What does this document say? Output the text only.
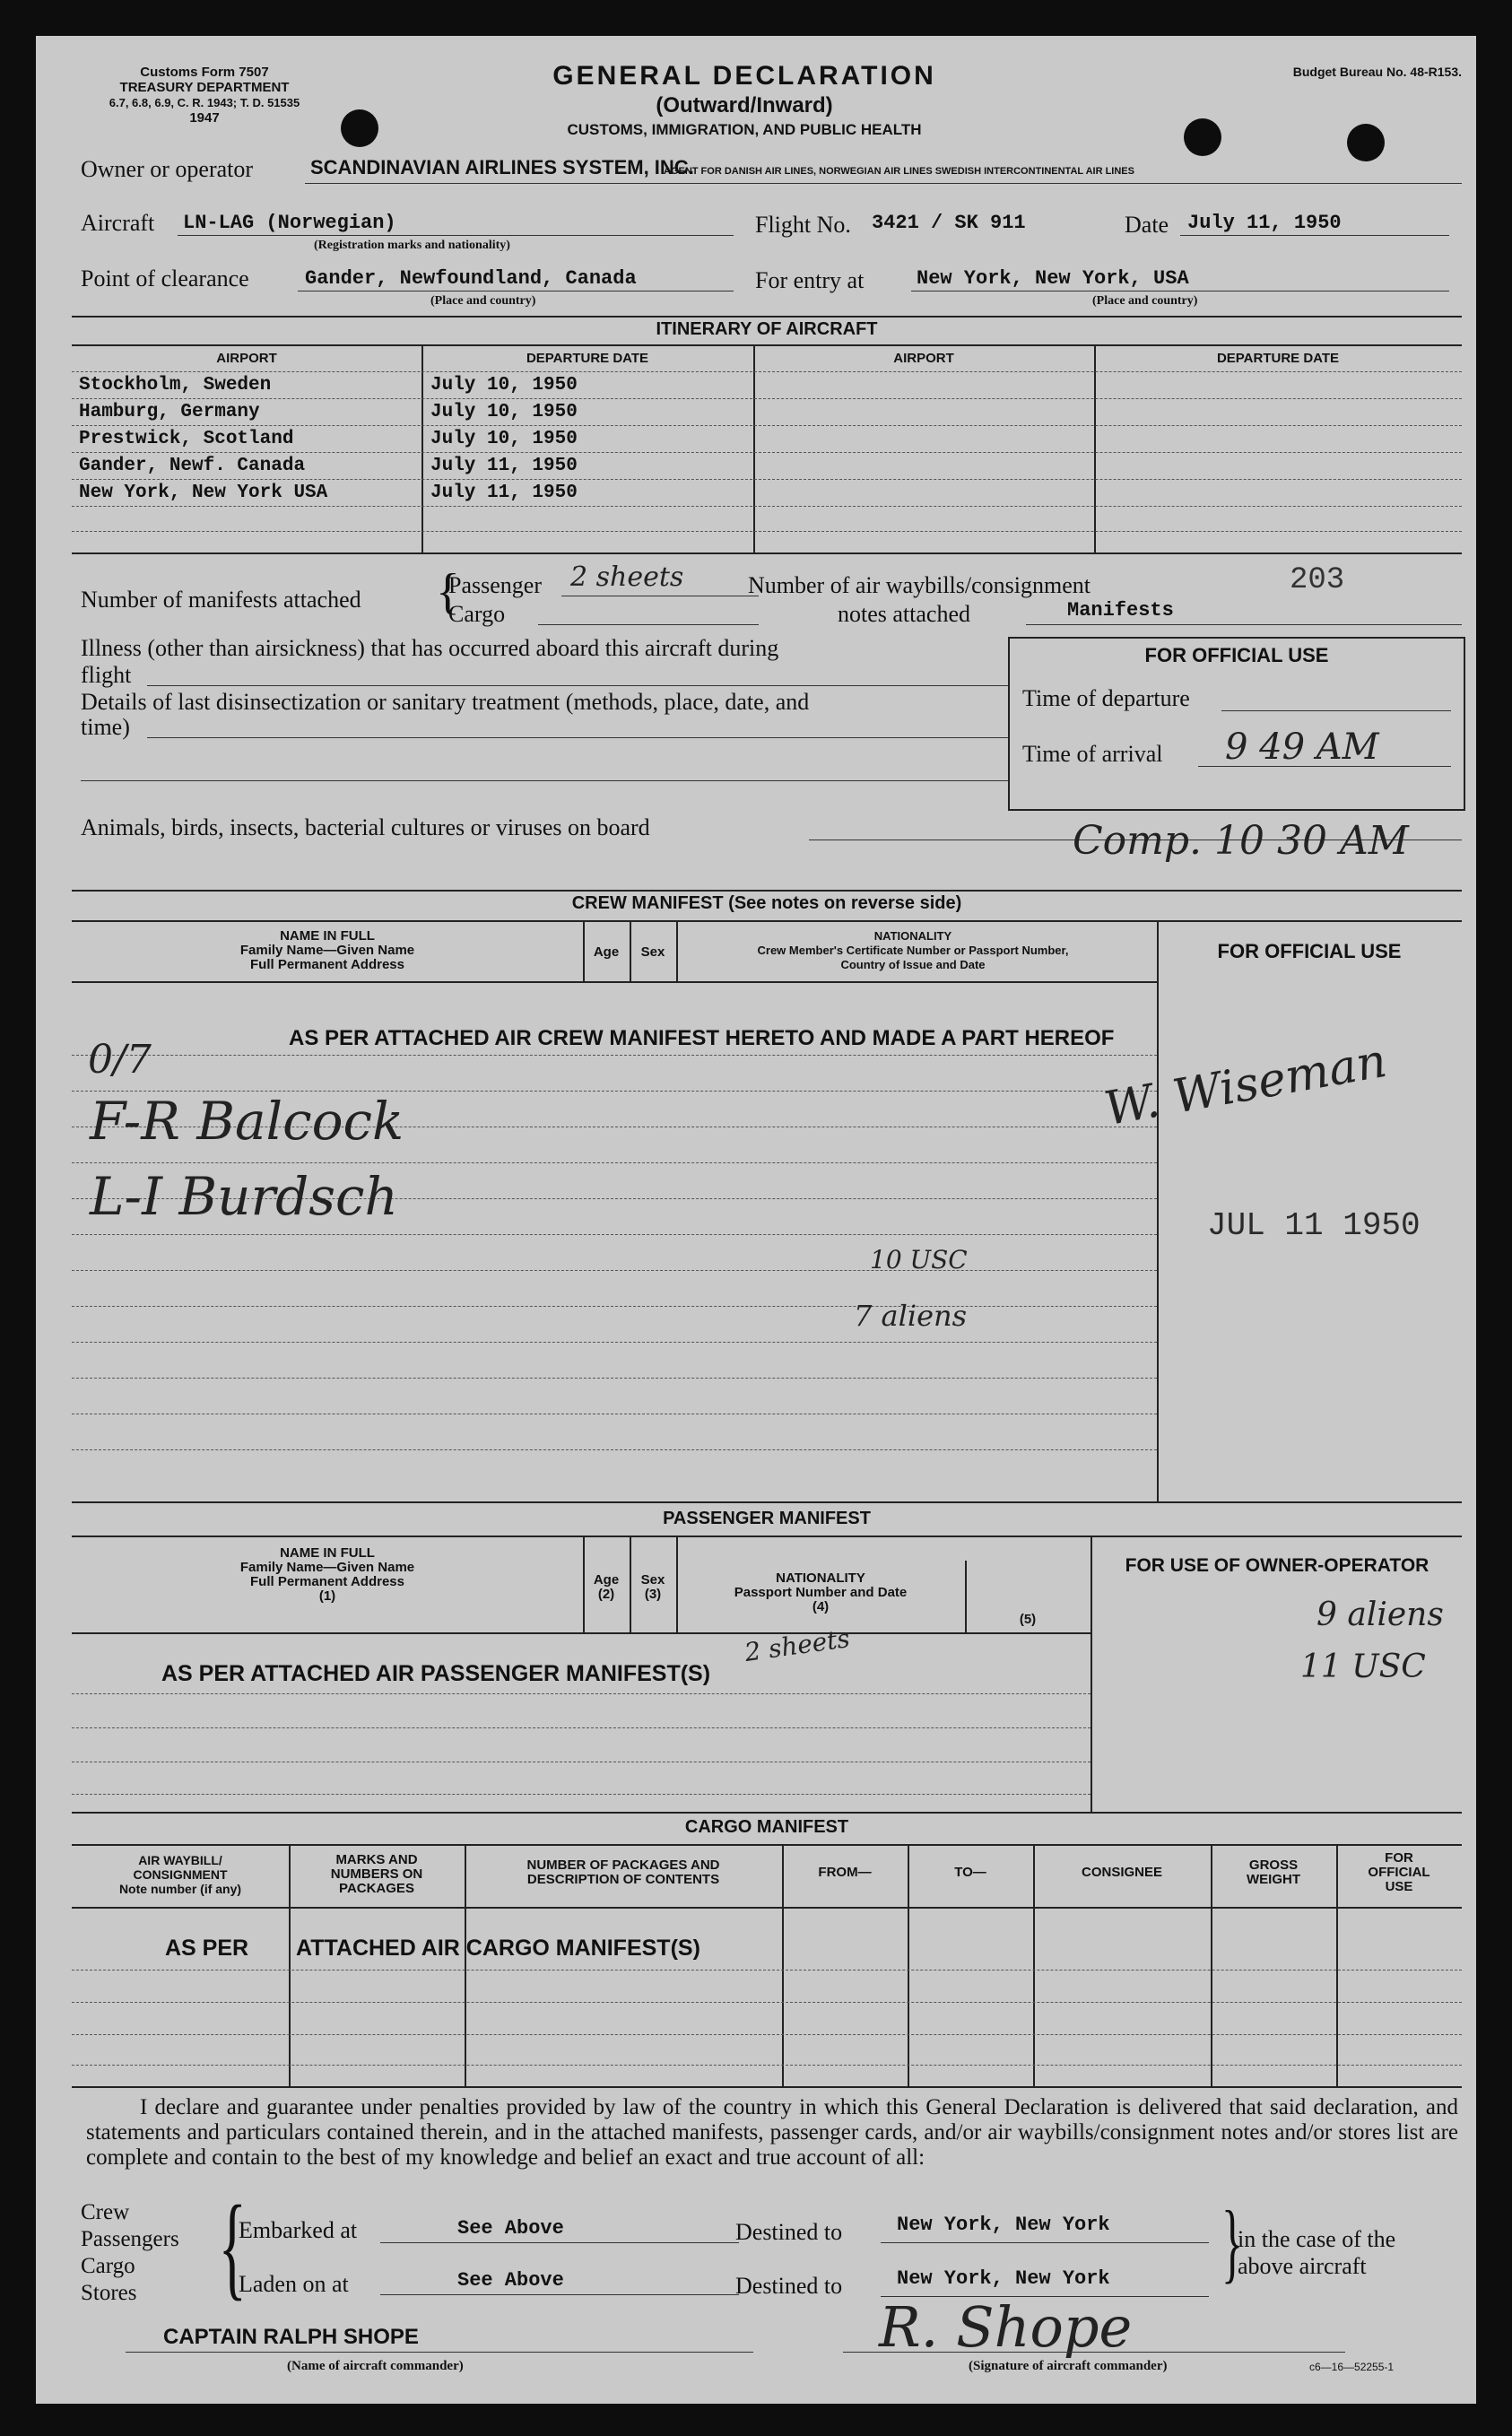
Customs Form 7507
TREASURY DEPARTMENT
6.7, 6.8, 6.9, C. R. 1943; T. D. 51535
1947
GENERAL DECLARATION
(Outward/Inward)
CUSTOMS, IMMIGRATION, AND PUBLIC HEALTH
Budget Bureau No. 48-R153.
Owner or operator	SCANDINAVIAN AIRLINES SYSTEM, INC.
AGENT FOR DANISH AIR LINES, NORWEGIAN AIR LINES SWEDISH INTERCONTINENTAL AIR LINES
Aircraft LN-LAG (Norwegian)
(Registration marks and nationality)
Flight No. 3421 / SK 911	Date July 11, 1950
Point of clearance	Gander, Newfoundland, Canada
(Place and country)
For entry at	New York, New York, USA
(Place and country)
ITINERARY OF AIRCRAFT
AIRPORT	DEPARTURE DATE	AIRPORT	DEPARTURE DATE
Stockholm, Sweden	July 10, 1950
Hamburg, Germany	July 10, 1950
Prestwick, Scotland	July 10, 1950
Gander, Newf. Canada	July 11, 1950
New York, New York USA	July 11, 1950
Number of manifests attached {
Passenger 2 sheets
Cargo
Number of air waybills/consignment
notes attached	Manifests
203
Illness (other than airsickness) that has occurred aboard this aircraft during
flight
Details of last disinsectization or sanitary treatment (methods, place, date, and
time)
Animals, birds, insects, bacterial cultures or viruses on board
FOR OFFICIAL USE
Time of departure
Time of arrival 9 49 AM
Comp. 10 30 AM
CREW MANIFEST (See notes on reverse side)
NAME IN FULL
Family Name—Given Name
Full Permanent Address
Age	Sex
NATIONALITY
Crew Member's Certificate Number or Passport Number,
Country of Issue and Date
FOR OFFICIAL USE
AS PER ATTACHED AIR CREW MANIFEST HERETO AND MADE A PART HEREOF
0/7
F-R Balcock
L-I Burdsch
10 USC
7 aliens
W. Wiseman
JUL 11 1950
PASSENGER MANIFEST
NAME IN FULL
Family Name—Given Name
Full Permanent Address
(1)
Age
(2)
Sex
(3)
NATIONALITY
Passport Number and Date
(4)
(5)
FOR USE OF OWNER-OPERATOR
2 sheets
AS PER ATTACHED AIR PASSENGER MANIFEST(S)
9 aliens
11 USC
CARGO MANIFEST
AIR WAYBILL/
CONSIGNMENT
Note number (if any)
MARKS AND
NUMBERS ON
PACKAGES
NUMBER OF PACKAGES AND
DESCRIPTION OF CONTENTS	FROM—	TO—	CONSIGNEE	GROSS
WEIGHT
FOR
OFFICIAL
USE
AS PER ATTACHED AIR CARGO MANIFEST(S)
I declare and guarantee under penalties provided by law of the country in which this General Declaration is delivered that said declaration, and statements and particulars contained therein, and in the attached manifests, passenger cards, and/or air waybills/consignment notes and/or stores list are complete and contain to the best of my knowledge and belief an exact and true account of all:
Crew
Passengers
Cargo
Stores {
Embarked at	See Above
Laden on at	See Above
Destined to	New York, New York
Destined to	New York, New York }
in the case of the
above aircraft
CAPTAIN RALPH SHOPE
(Name of aircraft commander)
R. Shope
(Signature of aircraft commander)	c6—16—52255-1
